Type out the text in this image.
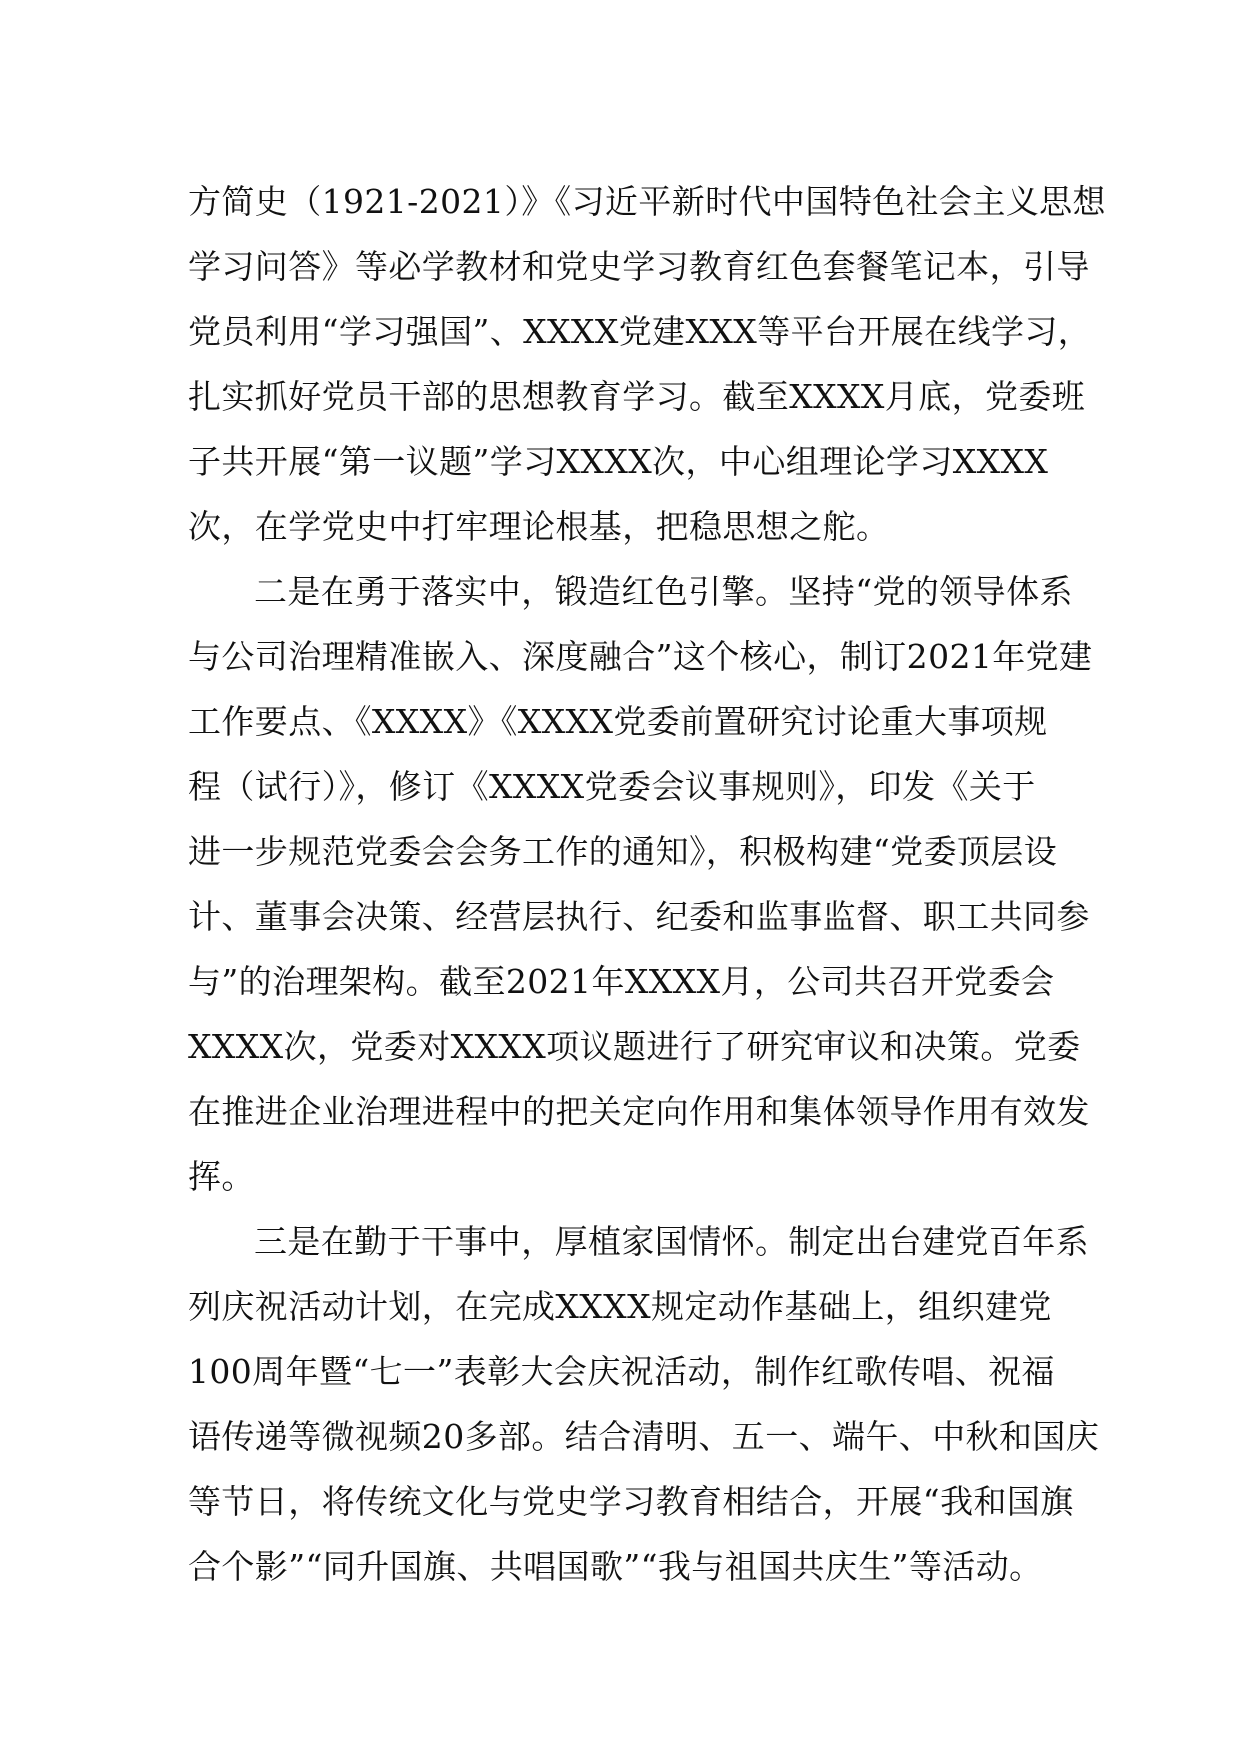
方简史（1921-2021）》《习近平新时代中国特色社会主义思想
学习问答》等必学教材和党史学习教育红色套餐笔记本，引导
党员利用“学习强国”、XXXX党建XXX等平台开展在线学习，
扎实抓好党员干部的思想教育学习。截至XXXX月底，党委班
子共开展“第一议题”学习XXXX次，中心组理论学习XXXX
次，在学党史中打牢理论根基，把稳思想之舵。
二是在勇于落实中，锻造红色引擎。坚持“党的领导体系
与公司治理精准嵌入、深度融合”这个核心，制订2021年党建
工作要点、《XXXX》《XXXX党委前置研究讨论重大事项规
程（试行）》，修订《XXXX党委会议事规则》，印发《关于
进一步规范党委会会务工作的通知》，积极构建“党委顶层设
计、董事会决策、经营层执行、纪委和监事监督、职工共同参
与”的治理架构。截至2021年XXXX月，公司共召开党委会
XXXX次，党委对XXXX项议题进行了研究审议和决策。党委
在推进企业治理进程中的把关定向作用和集体领导作用有效发
挥。
三是在勤于干事中，厚植家国情怀。制定出台建党百年系
列庆祝活动计划，在完成XXXX规定动作基础上，组织建党
100周年暨“七一”表彰大会庆祝活动，制作红歌传唱、祝福
语传递等微视频20多部。结合清明、五一、端午、中秋和国庆
等节日，将传统文化与党史学习教育相结合，开展“我和国旗
合个影”“同升国旗、共唱国歌”“我与祖国共庆生”等活动。
